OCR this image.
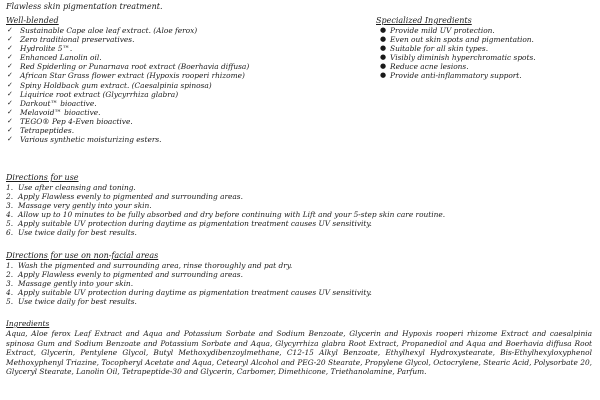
Flawless skin pigmentation treatment.

Well-blended

✓ Sustainable Cape aloe leaf extract. (Aloe ferox)
✓ Zero traditional preservatives.
✓ Hydrolite 5™.
✓ Enhanced Lanolin oil.
✓ Red Spiderling or Punarnava root extract (Boerhavia diffusa)
✓ African Star Grass flower extract (Hypoxis rooperi rhizome)
✓ Spiny Holdback gum extract. (Caesalpinia spinosa)
✓ Liquirice root extract (Glycyrrhiza glabra)
✓ Darkout™ bioactive.
✓ Melavoid™ bioactive.
✓ TEGO® Pep 4-Even bioactive.
✓ Tetrapeptides.
✓ Various synthetic moisturizing esters.

Specialized Ingredients

● Provide mild UV protection.
● Even out skin spots and pigmentation.
● Suitable for all skin types.
● Visibly diminish hyperchromatic spots.
● Reduce acne lesions.
● Provide anti-inflammatory support.

Directions for use

1. Use after cleansing and toning.
2. Apply Flawless evenly to pigmented and surrounding areas.
3. Massage very gently into your skin.
4. Allow up to 10 minutes to be fully absorbed and dry before continuing with Lift and your 5-step skin care routine.
5. Apply suitable UV protection during daytime as pigmentation treatment causes UV sensitivity.
6. Use twice daily for best results.

Directions for use on non-facial areas

1. Wash the pigmented and surrounding area, rinse thoroughly and pat dry.
2. Apply Flawless evenly to pigmented and surrounding areas.
3. Massage gently into your skin.
4. Apply suitable UV protection during daytime as pigmentation treatment causes UV sensitivity.
5. Use twice daily for best results.

Ingredients

Aqua, Aloe ferox Leaf Extract and Aqua and Potassium Sorbate and Sodium Benzoate, Glycerin and Hypoxis rooperi rhizome Extract and caesalpinia spinosa Gum and Sodium Benzoate and Potassium Sorbate and Aqua, Glycyrrhiza glabra Root Extract, Propanediol and Aqua and Boerhavia diffusa Root Extract, Glycerin, Pentylene Glycol, Butyl Methoxydibenzoylmethane, C12-15 Alkyl Benzoate, Ethylhexyl Hydroxystearate, Bis-Ethylhexyloxyphenol Methoxyphenyl Triazine, Tocopheryl Acetate and Aqua, Cetearyl Alcohol and PEG-20 Stearate, Propylene Glycol, Octocrylene, Stearic Acid, Polysorbate 20, Glyceryl Stearate, Lanolin Oil, Tetrapeptide-30 and Glycerin, Carbomer, Dimethicone, Triethanolamine, Parfum.
